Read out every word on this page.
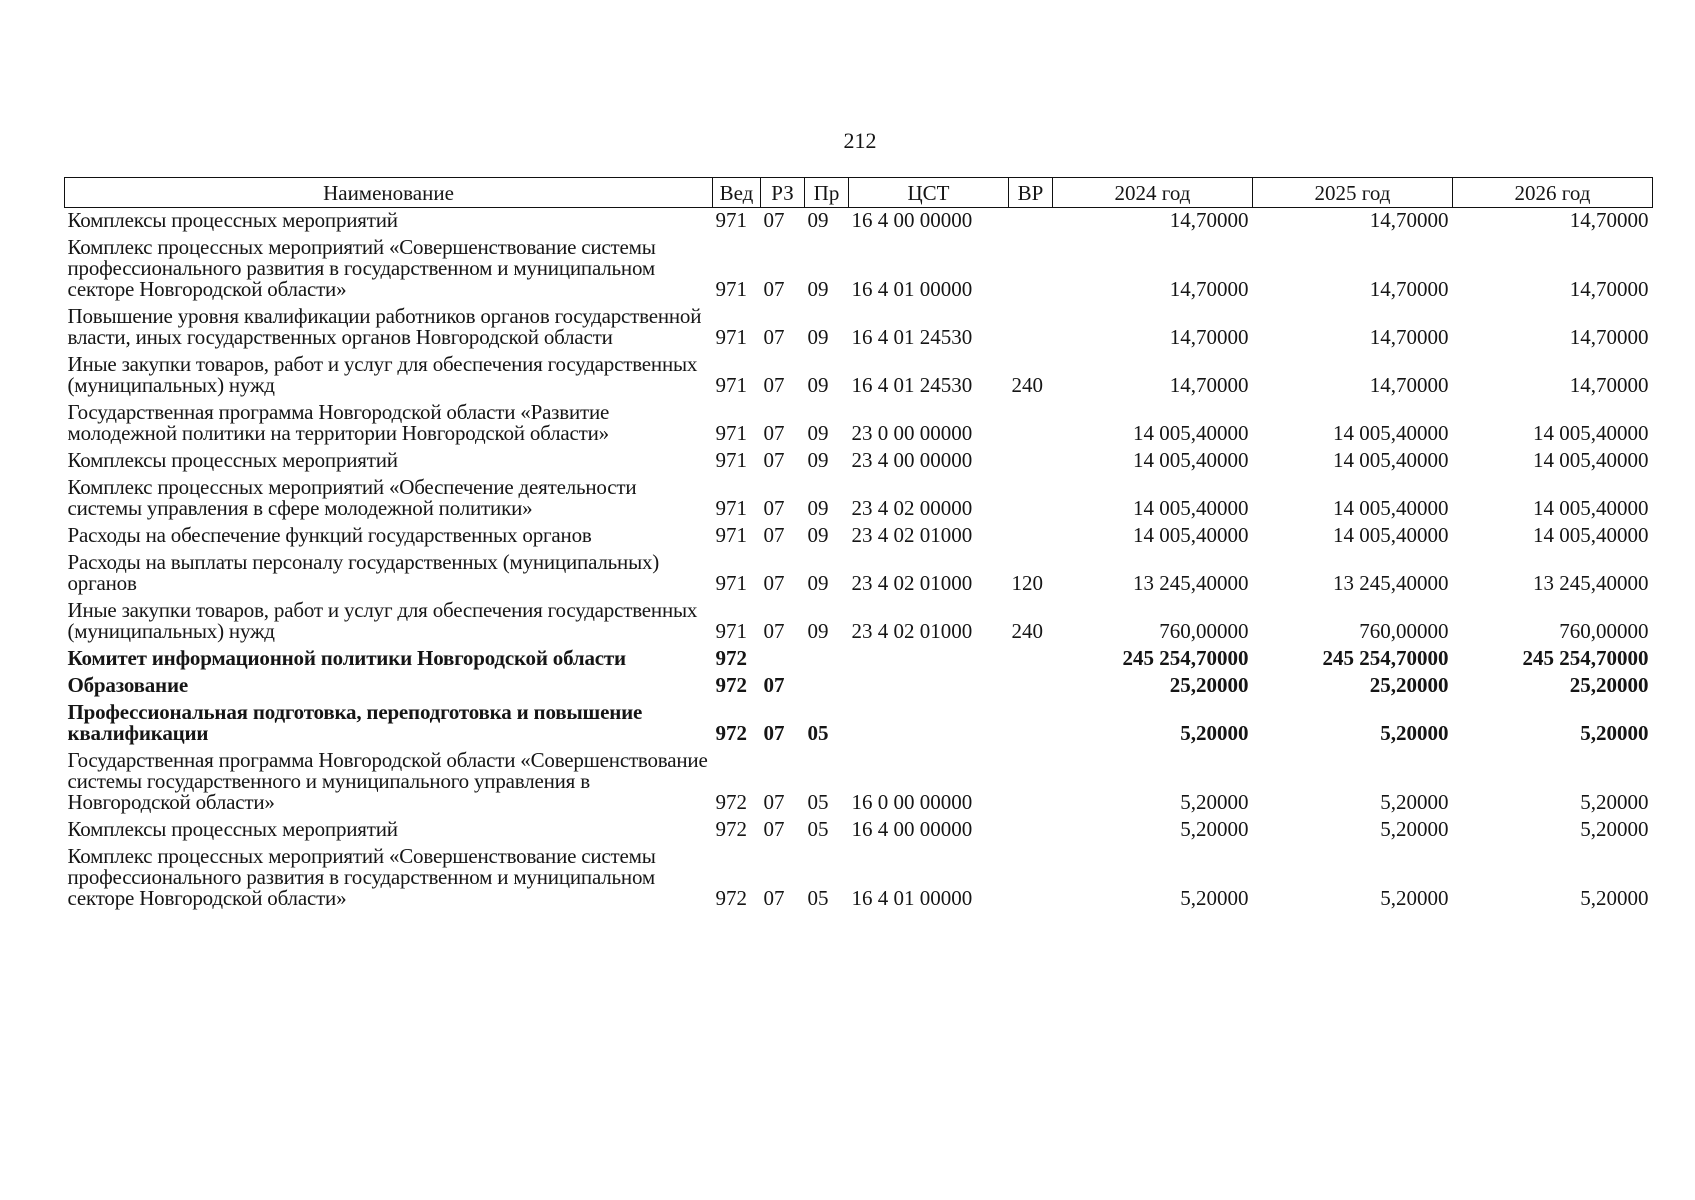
212
Наименование	Вед	РЗ	Пр	ЦСТ	ВР	2024 год	2025 год	2026 год
Комплексы процессных мероприятий	971	07	09	16 4 00 00000		14,70000	14,70000	14,70000
Комплекс процессных мероприятий «Совершенствование системы профессионального развития в государственном и муниципальном секторе Новгородской области»	971	07	09	16 4 01 00000		14,70000	14,70000	14,70000
Повышение уровня квалификации работников органов государственной власти, иных государственных органов Новгородской области	971	07	09	16 4 01 24530		14,70000	14,70000	14,70000
Иные закупки товаров, работ и услуг для обеспечения государственных (муниципальных) нужд	971	07	09	16 4 01 24530	240	14,70000	14,70000	14,70000
Государственная программа Новгородской области «Развитие молодежной политики на территории Новгородской области»	971	07	09	23 0 00 00000		14 005,40000	14 005,40000	14 005,40000
Комплексы процессных мероприятий	971	07	09	23 4 00 00000		14 005,40000	14 005,40000	14 005,40000
Комплекс процессных мероприятий «Обеспечение деятельности системы управления в сфере молодежной политики»	971	07	09	23 4 02 00000		14 005,40000	14 005,40000	14 005,40000
Расходы на обеспечение функций государственных органов	971	07	09	23 4 02 01000		14 005,40000	14 005,40000	14 005,40000
Расходы на выплаты персоналу государственных (муниципальных) органов	971	07	09	23 4 02 01000	120	13 245,40000	13 245,40000	13 245,40000
Иные закупки товаров, работ и услуг для обеспечения государственных (муниципальных) нужд	971	07	09	23 4 02 01000	240	760,00000	760,00000	760,00000
Комитет информационной политики Новгородской области	972					245 254,70000	245 254,70000	245 254,70000
Образование	972	07				25,20000	25,20000	25,20000
Профессиональная подготовка, переподготовка и повышение квалификации	972	07	05			5,20000	5,20000	5,20000
Государственная программа Новгородской области «Совершенствование системы государственного и муниципального управления в Новгородской области»	972	07	05	16 0 00 00000		5,20000	5,20000	5,20000
Комплексы процессных мероприятий	972	07	05	16 4 00 00000		5,20000	5,20000	5,20000
Комплекс процессных мероприятий «Совершенствование системы профессионального развития в государственном и муниципальном секторе Новгородской области»	972	07	05	16 4 01 00000		5,20000	5,20000	5,20000
